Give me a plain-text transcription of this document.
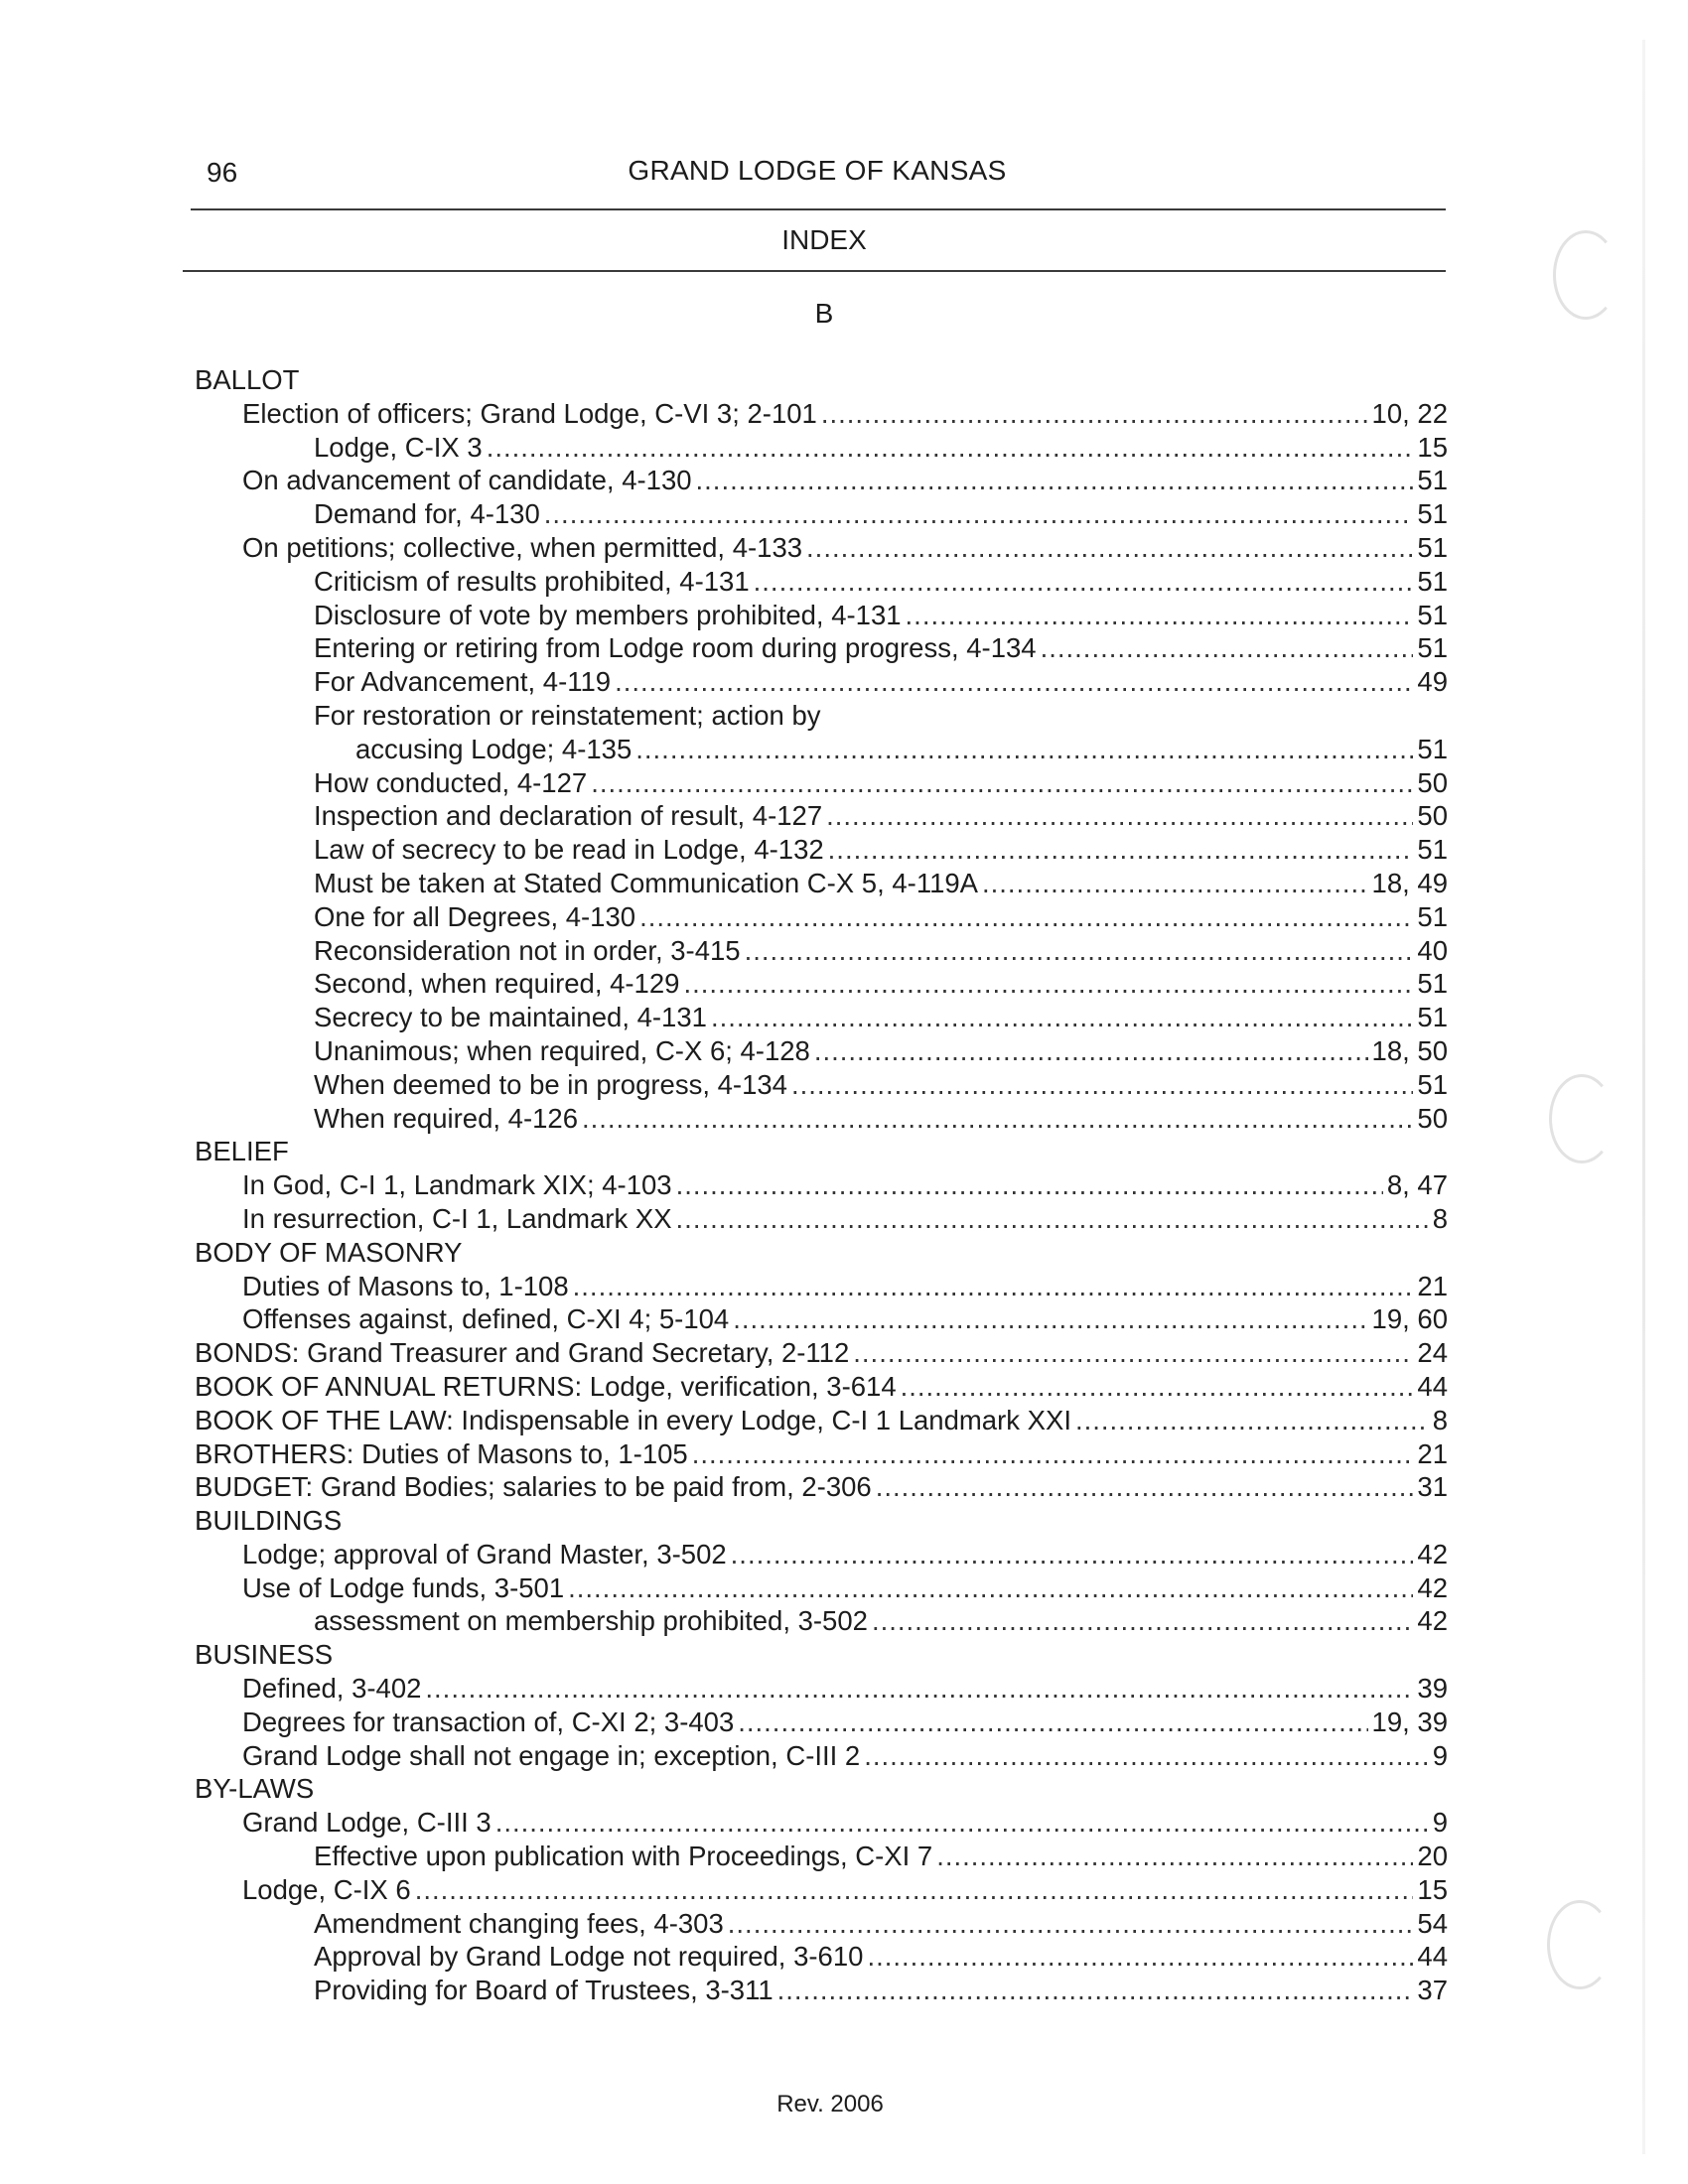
96	GRAND LODGE OF KANSAS
INDEX
B
BALLOT
Election of officers; Grand Lodge, C-VI 3; 2-101 .....	10, 22
Lodge, C-IX 3 .....	15
On advancement of candidate, 4-130 .....	51
Demand for, 4-130 .....	51
On petitions; collective, when permitted, 4-133 .....	51
Criticism of results prohibited, 4-131 .....	51
Disclosure of vote by members prohibited, 4-131 .....	51
Entering or retiring from Lodge room during progress, 4-134 .....	51
For Advancement, 4-119 .....	49
For restoration or reinstatement; action by
accusing Lodge; 4-135 .....	51
How conducted, 4-127 .....	50
Inspection and declaration of result, 4-127 .....	50
Law of secrecy to be read in Lodge, 4-132 .....	51
Must be taken at Stated Communication C-X 5, 4-119A .....	18, 49
One for all Degrees, 4-130 .....	51
Reconsideration not in order, 3-415 .....	40
Second, when required, 4-129 .....	51
Secrecy to be maintained, 4-131 .....	51
Unanimous; when required, C-X 6; 4-128 .....	18, 50
When deemed to be in progress, 4-134 .....	51
When required, 4-126 .....	50
BELIEF
In God, C-I 1, Landmark XIX; 4-103 .....	8, 47
In resurrection, C-I 1, Landmark XX .....	8
BODY OF MASONRY
Duties of Masons to, 1-108 .....	21
Offenses against, defined, C-XI 4; 5-104 .....	19, 60
BONDS: Grand Treasurer and Grand Secretary, 2-112 .....	24
BOOK OF ANNUAL RETURNS: Lodge, verification, 3-614 .....	44
BOOK OF THE LAW: Indispensable in every Lodge, C-I 1 Landmark XXI .....	8
BROTHERS: Duties of Masons to, 1-105 .....	21
BUDGET: Grand Bodies; salaries to be paid from, 2-306 .....	31
BUILDINGS
Lodge; approval of Grand Master, 3-502 .....	42
Use of Lodge funds, 3-501 .....	42
assessment on membership prohibited, 3-502 .....	42
BUSINESS
Defined, 3-402 .....	39
Degrees for transaction of, C-XI 2; 3-403 .....	19, 39
Grand Lodge shall not engage in; exception, C-III 2 .....	9
BY-LAWS
Grand Lodge, C-III 3 .....	9
Effective upon publication with Proceedings, C-XI 7 .....	20
Lodge, C-IX 6 .....	15
Amendment changing fees, 4-303 .....	54
Approval by Grand Lodge not required, 3-610 .....	44
Providing for Board of Trustees, 3-311 .....	37
Rev. 2006
